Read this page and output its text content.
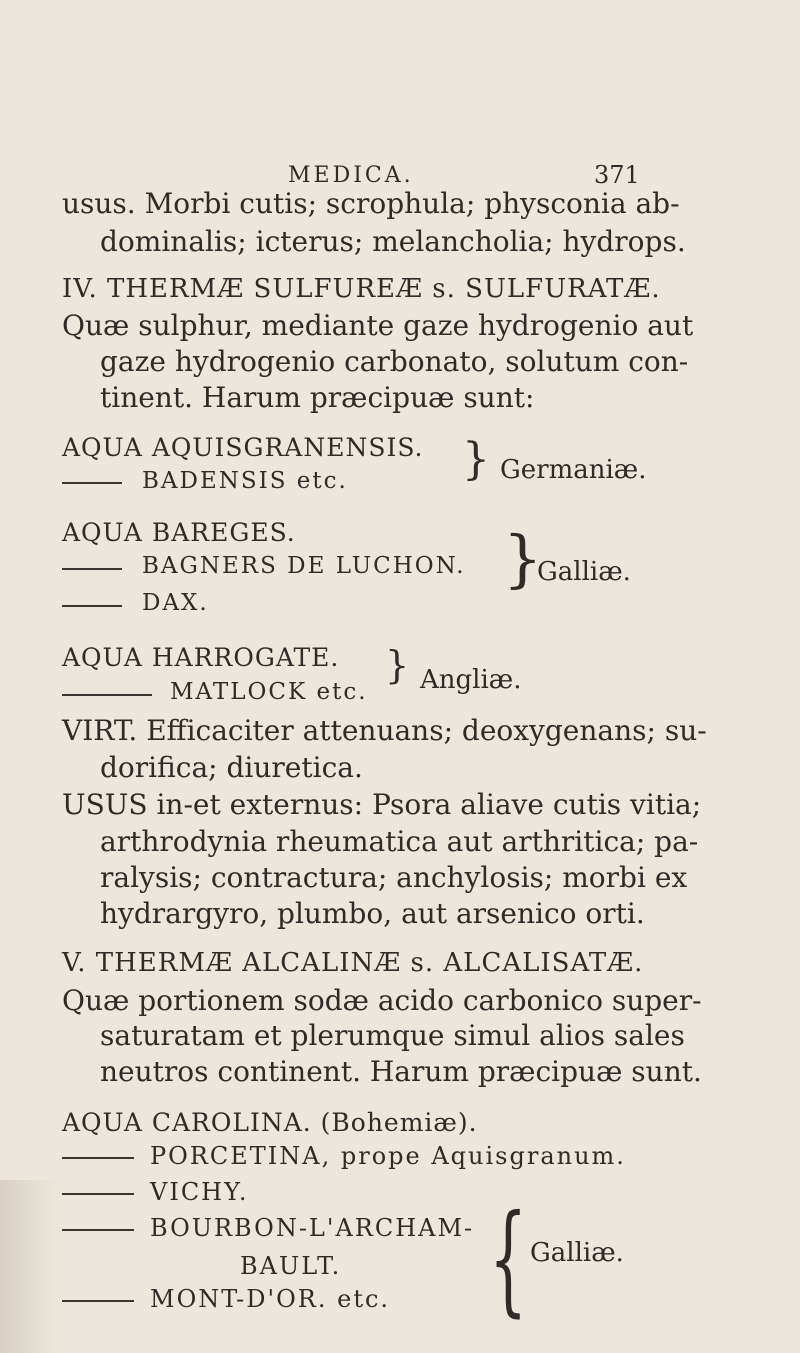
MEDICA.	371
usus. Morbi cutis; scrophula; physconia ab-
dominalis; icterus; melancholia; hydrops.
IV. THERMÆ SULFUREÆ s. SULFURATÆ.
Quæ sulphur, mediante gaze hydrogenio aut
gaze hydrogenio carbonato, solutum con-
tinent. Harum præcipuæ sunt:
AQUA AQUISGRANENSIS.
BADENSIS etc.	} Germaniæ.
AQUA BAREGES.
BAGNERS DE LUCHON.
DAX.
}
Galliæ.
AQUA HARROGATE.
MATLOCK etc.
} Angliæ.
VIRT. Efficaciter attenuans; deoxygenans; su-
dorifica; diuretica.
USUS in-et externus: Psora aliave cutis vitia;
arthrodynia rheumatica aut arthritica; pa-
ralysis; contractura; anchylosis; morbi ex
hydrargyro, plumbo, aut arsenico orti.
V. THERMÆ ALCALINÆ s. ALCALISATÆ.
Quæ portionem sodæ acido carbonico super-
saturatam et plerumque simul alios sales
neutros continent. Harum præcipuæ sunt.
AQUA CAROLINA. (Bohemiæ).
PORCETINA, prope Aquisgranum.
VICHY.
BOURBON-L'ARCHAM-
BAULT.
MONT-D'OR. etc. } Galliæ.
